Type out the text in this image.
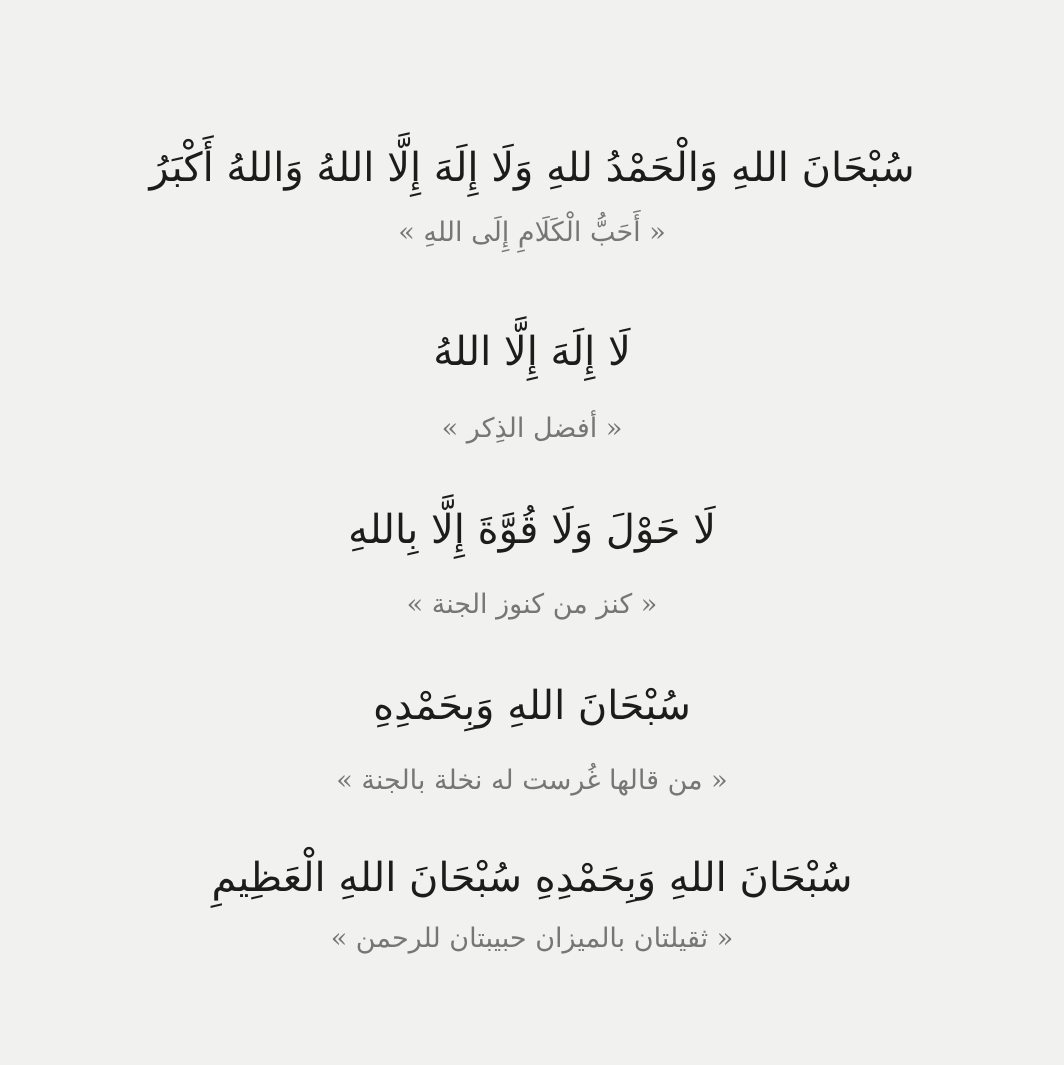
سُبْحَانَ اللهِ وَالْحَمْدُ للهِ وَلَا إِلَهَ إِلَّا اللهُ وَاللهُ أَكْبَرُ
« أَحَبُّ الْكَلَامِ إِلَى اللهِ »
لَا إِلَهَ إِلَّا اللهُ
« أفضل الذِكر »
لَا حَوْلَ وَلَا قُوَّةَ إِلَّا بِاللهِ
« كنز من كنوز الجنة »
سُبْحَانَ اللهِ وَبِحَمْدِهِ
« من قالها غُرست له نخلة بالجنة »
سُبْحَانَ اللهِ وَبِحَمْدِهِ سُبْحَانَ اللهِ الْعَظِيمِ
« ثقيلتان بالميزان حبيبتان للرحمن »
